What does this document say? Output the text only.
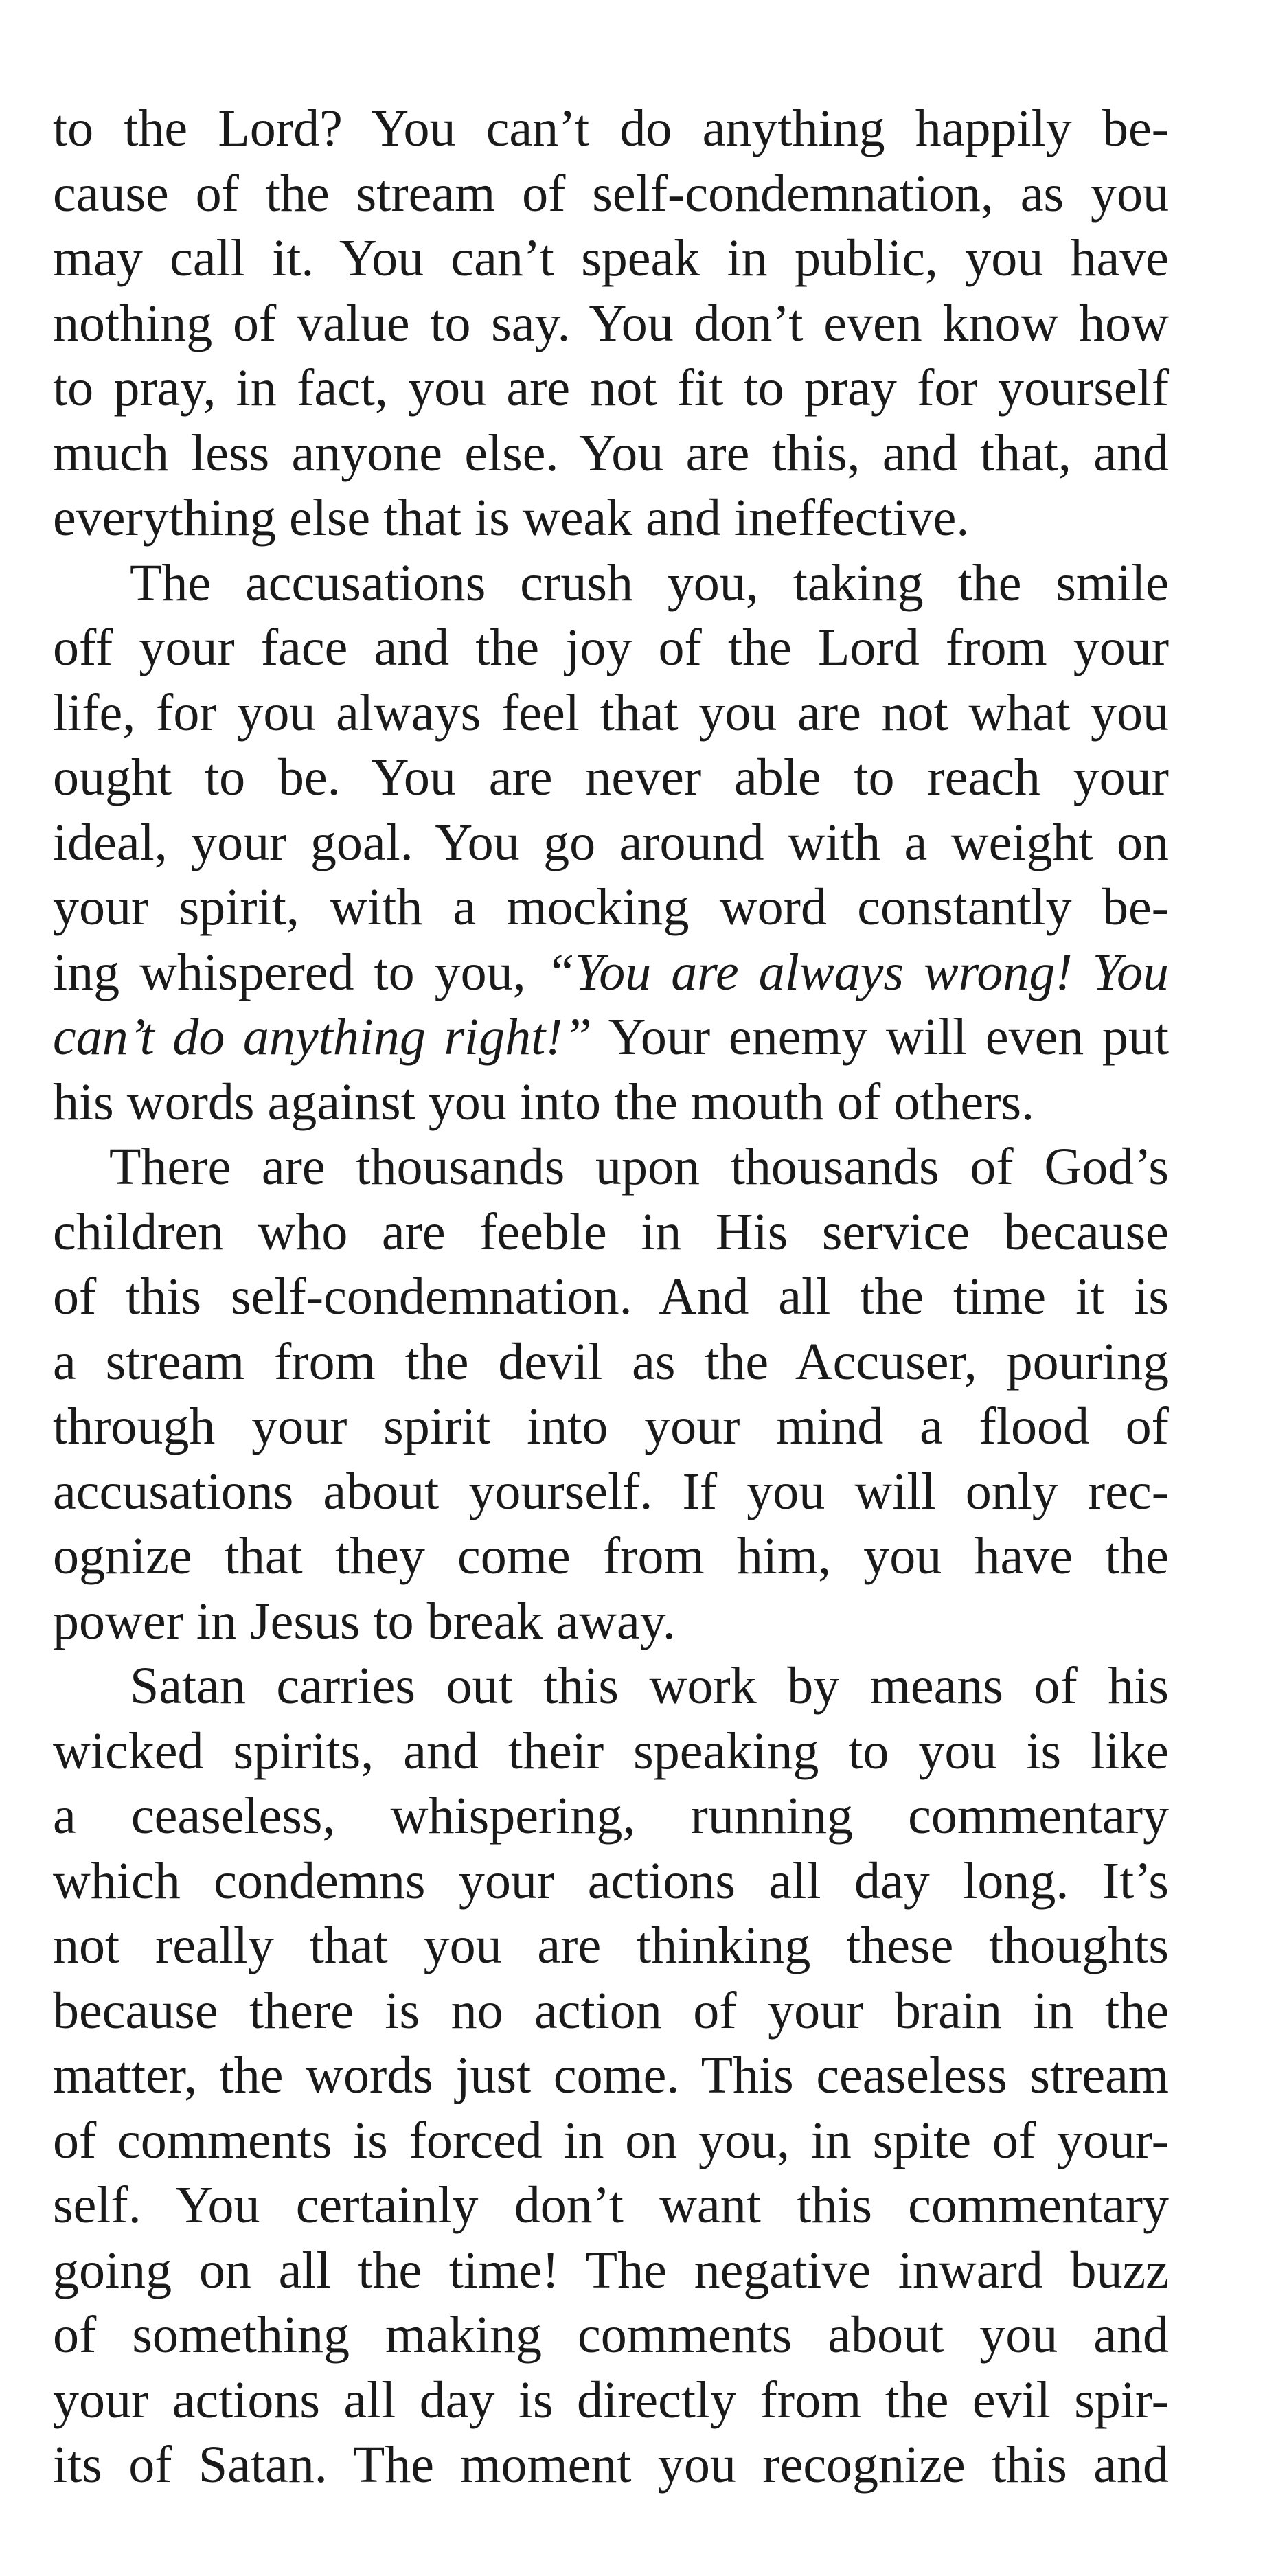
to the Lord? You can’t do anything happily be-
cause of the stream of self-condemnation, as you
may call it. You can’t speak in public, you have
nothing of value to say. You don’t even know how
to pray, in fact, you are not fit to pray for yourself
much less anyone else. You are this, and that, and
everything else that is weak and ineffective.

The accusations crush you, taking the smile
off your face and the joy of the Lord from your
life, for you always feel that you are not what you
ought to be. You are never able to reach your
ideal, your goal. You go around with a weight on
your spirit, with a mocking word constantly be-
ing whispered to you, “You are always wrong! You
can’t do anything right!” Your enemy will even put
his words against you into the mouth of others.

There are thousands upon thousands of God’s
children who are feeble in His service because
of this self-condemnation. And all the time it is
a stream from the devil as the Accuser, pouring
through your spirit into your mind a flood of
accusations about yourself. If you will only rec-
ognize that they come from him, you have the
power in Jesus to break away.

Satan carries out this work by means of his
wicked spirits, and their speaking to you is like
a ceaseless, whispering, running commentary
which condemns your actions all day long. It’s
not really that you are thinking these thoughts
because there is no action of your brain in the
matter, the words just come. This ceaseless stream
of comments is forced in on you, in spite of your-
self. You certainly don’t want this commentary
going on all the time! The negative inward buzz
of something making comments about you and
your actions all day is directly from the evil spir-
its of Satan. The moment you recognize this and
